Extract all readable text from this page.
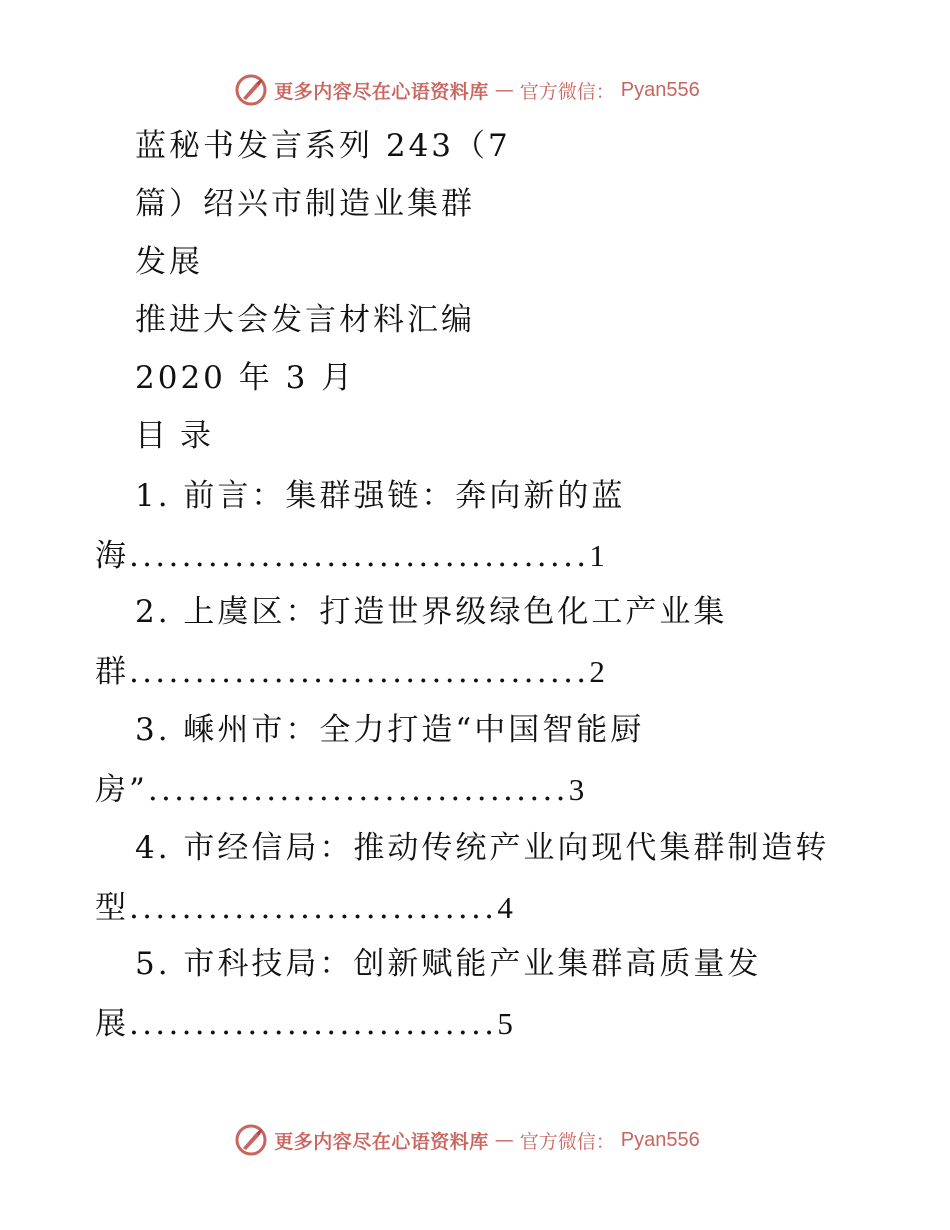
更多内容尽在心语资料库 — 官方微信： Pyan556
蓝秘书发言系列 243（7
篇）绍兴市制造业集群
发展
推进大会发言材料汇编
2020 年 3 月
目录
1. 前言：集群强链：奔向新的蓝
海...................................1
2. 上虞区：打造世界级绿色化工产业集
群...................................2
3. 嵊州市：全力打造“中国智能厨
房”................................3
4. 市经信局：推动传统产业向现代集群制造转
型............................4
5. 市科技局：创新赋能产业集群高质量发
展............................5
更多内容尽在心语资料库 — 官方微信： Pyan556
